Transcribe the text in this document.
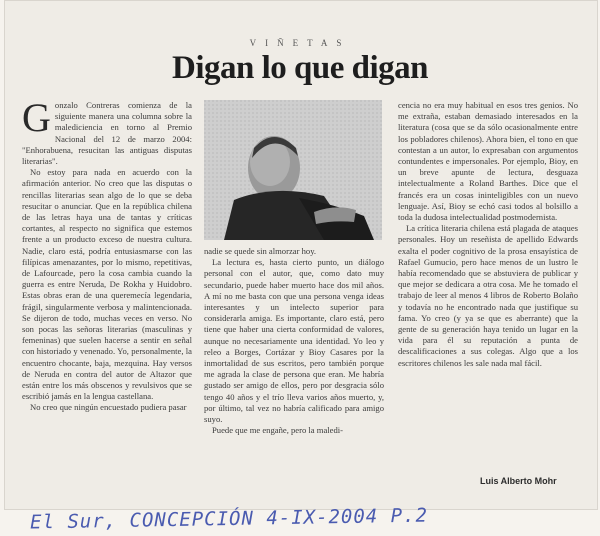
VIÑETAS
Digan lo que digan

Gonzalo Contreras comienza de la siguiente manera una columna sobre la malediciencia en torno al Premio Nacional del 12 de marzo 2004: "Enhorabuena, resucitan las antiguas disputas literarias".

No estoy para nada en acuerdo con la afirmación anterior. No creo que las disputas o rencillas literarias sean algo de lo que se deba resucitar o anunciar. Que en la república chilena de las letras haya una de tantas y críticas cortantes, al respecto no significa que estemos frente a un producto exceso de nuestra cultura. Nadie, claro está, podría entusiasmarse con las filípicas amenazantes, por lo mismo, repetitivas, de Lafourcade, pero la cosa cambia cuando la guerra es entre Neruda, De Rokha y Huidobro. Estas obras eran de una queremecía legendaria, frágil, singularmente verbosa y malintencionada. Se dijeron de todo, muchas veces en verso. No son pocas las señoras literarias (masculinas y femeninas) que suelen hacerse a sentir en señal con historiado y venenado. Yo, personalmente, la encuentro chocante, baja, mezquina. Hay versos de Neruda en contra del autor de Altazor que están entre los más obscenos y revulsivos que se escribió jamás en la lengua castellana.

No creo que ningún encuestado pudiera pasar

nadie se quede sin almorzar hoy.

La lectura es, hasta cierto punto, un diálogo personal con el autor, que, como dato muy secundario, puede haber muerto hace dos mil años. A mí no me basta con que una persona venga ideas interesantes y un intelecto superior para considerarla amiga. Es importante, claro está, pero tiene que haber una cierta conformidad de valores, aunque no necesariamente una identidad. Yo leo y releo a Borges, Cortázar y Bioy Casares por la inmortalidad de sus escritos, pero también porque me agrada la clase de persona que eran. Me habría gustado ser amigo de ellos, pero por desgracia sólo tengo 40 años y el trío lleva varios años muerto, y, por último, tal vez no habría calificado para amigo suyo.

Puede que me engañe, pero la maledi-

cencia no era muy habitual en esos tres genios. No me extraña, estaban demasiado interesados en la literatura (cosa que se da sólo ocasionalmente entre los pobladores chilenos). Ahora bien, el tono en que contestan a un autor, lo expresaban con argumentos contundentes e impersonales. Por ejemplo, Bioy, en un breve apunte de lectura, desguaza intelectualmente a Roland Barthes. Dice que el francés era un cosas ininteligibles con un nuevo lenguaje. Así, Bioy se echó casi todos al bolsillo a toda la dudosa intelectualidad postmodernista.

La crítica literaria chilena está plagada de ataques personales. Hoy un reseñista de apellido Edwards exalta el poder cognitivo de la prosa ensayística de Rafael Gumucio, pero hace menos de un lustro le había recomendado que se abstuviera de publicar y que mejor se dedicara a otra cosa. Me he tomado el trabajo de leer al menos 4 libros de Roberto Bolaño y todavía no he encontrado nada que justifique su fama. Yo creo (y ya se que es aberrante) que la gente de su generación haya tenido un lugar en la vida para él su reputación a punta de descalificaciones a sus colegas. Algo que a los escritores chilenos les sale nada mal fácil.

Luis Alberto Mohr
El Sur, CONCEPCIÓN 4-IX-2004 P.2
